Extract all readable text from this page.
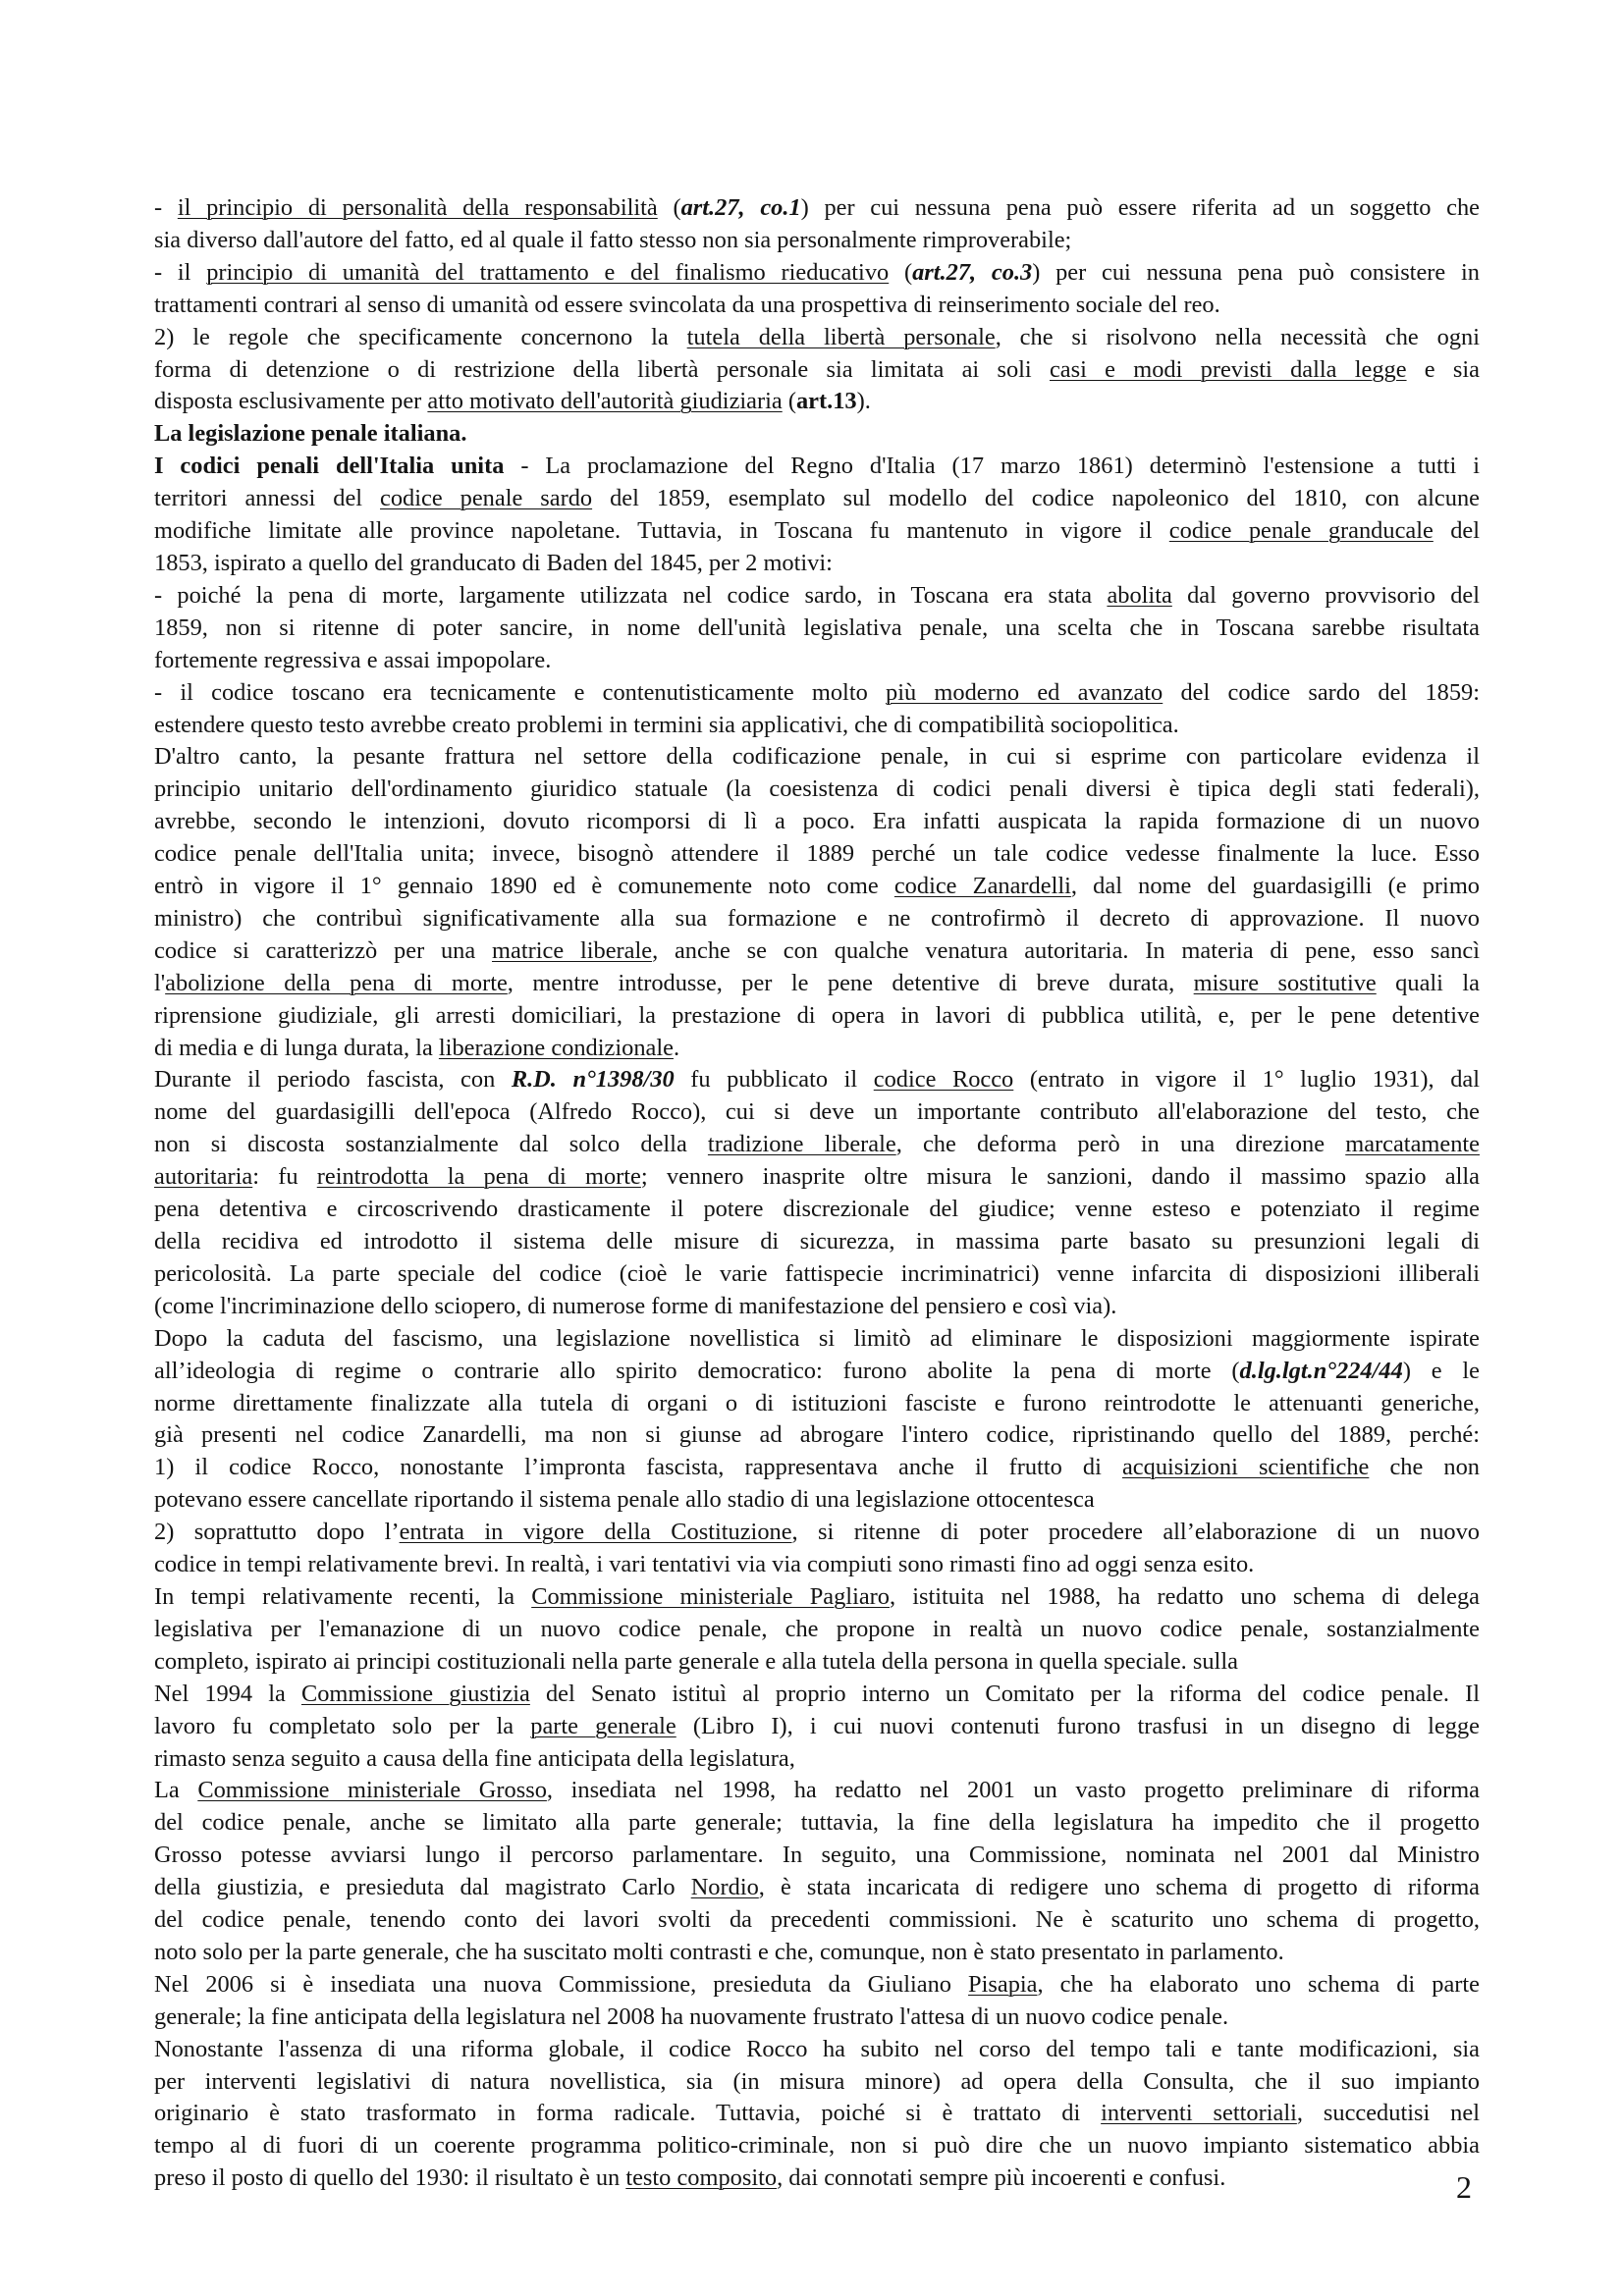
- il principio di personalità della responsabilità (art.27, co.1) per cui nessuna pena può essere riferita ad un soggetto che
sia diverso dall'autore del fatto, ed al quale il fatto stesso non sia personalmente rimproverabile;
- il principio di umanità del trattamento e del finalismo rieducativo (art.27, co.3) per cui nessuna pena può consistere in
trattamenti contrari al senso di umanità od essere svincolata da una prospettiva di reinserimento sociale del reo.
2) le regole che specificamente concernono la tutela della libertà personale, che si risolvono nella necessità che ogni
forma di detenzione o di restrizione della libertà personale sia limitata ai soli casi e modi previsti dalla legge e sia
disposta esclusivamente per atto motivato dell'autorità giudiziaria (art.13).
La legislazione penale italiana.
I codici penali dell'Italia unita - La proclamazione del Regno d'Italia (17 marzo 1861) determinò l'estensione a tutti i
territori annessi del codice penale sardo del 1859, esemplato sul modello del codice napoleonico del 1810, con alcune
modifiche limitate alle province napoletane. Tuttavia, in Toscana fu mantenuto in vigore il codice penale granducale del
1853, ispirato a quello del granducato di Baden del 1845, per 2 motivi:
- poiché la pena di morte, largamente utilizzata nel codice sardo, in Toscana era stata abolita dal governo provvisorio del
1859, non si ritenne di poter sancire, in nome dell'unità legislativa penale, una scelta che in Toscana sarebbe risultata
fortemente regressiva e assai impopolare.
- il codice toscano era tecnicamente e contenutisticamente molto più moderno ed avanzato del codice sardo del 1859:
estendere questo testo avrebbe creato problemi in termini sia applicativi, che di compatibilità sociopolitica.
D'altro canto, la pesante frattura nel settore della codificazione penale, in cui si esprime con particolare evidenza il
principio unitario dell'ordinamento giuridico statuale (la coesistenza di codici penali diversi è tipica degli stati federali),
avrebbe, secondo le intenzioni, dovuto ricomporsi di lì a poco. Era infatti auspicata la rapida formazione di un nuovo
codice penale dell'Italia unita; invece, bisognò attendere il 1889 perché un tale codice vedesse finalmente la luce. Esso
entrò in vigore il 1° gennaio 1890 ed è comunemente noto come codice Zanardelli, dal nome del guardasigilli (e primo
ministro) che contribuì significativamente alla sua formazione e ne controfirmò il decreto di approvazione. Il nuovo
codice si caratterizzò per una matrice liberale, anche se con qualche venatura autoritaria. In materia di pene, esso sancì
l'abolizione della pena di morte, mentre introdusse, per le pene detentive di breve durata, misure sostitutive quali la
riprensione giudiziale, gli arresti domiciliari, la prestazione di opera in lavori di pubblica utilità, e, per le pene detentive
di media e di lunga durata, la liberazione condizionale.
Durante il periodo fascista, con R.D. n°1398/30 fu pubblicato il codice Rocco (entrato in vigore il 1° luglio 1931), dal
nome del guardasigilli dell'epoca (Alfredo Rocco), cui si deve un importante contributo all'elaborazione del testo, che
non si discosta sostanzialmente dal solco della tradizione liberale, che deforma però in una direzione marcatamente
autoritaria: fu reintrodotta la pena di morte; vennero inasprite oltre misura le sanzioni, dando il massimo spazio alla
pena detentiva e circoscrivendo drasticamente il potere discrezionale del giudice; venne esteso e potenziato il regime
della recidiva ed introdotto il sistema delle misure di sicurezza, in massima parte basato su presunzioni legali di
pericolosità. La parte speciale del codice (cioè le varie fattispecie incriminatrici) venne infarcita di disposizioni illiberali
(come l'incriminazione dello sciopero, di numerose forme di manifestazione del pensiero e così via).
Dopo la caduta del fascismo, una legislazione novellistica si limitò ad eliminare le disposizioni maggiormente ispirate
all’ideologia di regime o contrarie allo spirito democratico: furono abolite la pena di morte (d.lg.lgt.n°224/44) e le
norme direttamente finalizzate alla tutela di organi o di istituzioni fasciste e furono reintrodotte le attenuanti generiche,
già presenti nel codice Zanardelli, ma non si giunse ad abrogare l'intero codice, ripristinando quello del 1889, perché:
1) il codice Rocco, nonostante l’impronta fascista, rappresentava anche il frutto di acquisizioni scientifiche che non
potevano essere cancellate riportando il sistema penale allo stadio di una legislazione ottocentesca
2) soprattutto dopo l’entrata in vigore della Costituzione, si ritenne di poter procedere all’elaborazione di un nuovo
codice in tempi relativamente brevi. In realtà, i vari tentativi via via compiuti sono rimasti fino ad oggi senza esito.
In tempi relativamente recenti, la Commissione ministeriale Pagliaro, istituita nel 1988, ha redatto uno schema di delega
legislativa per l'emanazione di un nuovo codice penale, che propone in realtà un nuovo codice penale, sostanzialmente
completo, ispirato ai principi costituzionali nella parte generale e alla tutela della persona in quella speciale. sulla
Nel 1994 la Commissione giustizia del Senato istituì al proprio interno un Comitato per la riforma del codice penale. Il
lavoro fu completato solo per la parte generale (Libro I), i cui nuovi contenuti furono trasfusi in un disegno di legge
rimasto senza seguito a causa della fine anticipata della legislatura,
La Commissione ministeriale Grosso, insediata nel 1998, ha redatto nel 2001 un vasto progetto preliminare di riforma
del codice penale, anche se limitato alla parte generale; tuttavia, la fine della legislatura ha impedito che il progetto
Grosso potesse avviarsi lungo il percorso parlamentare. In seguito, una Commissione, nominata nel 2001 dal Ministro
della giustizia, e presieduta dal magistrato Carlo Nordio, è stata incaricata di redigere uno schema di progetto di riforma
del codice penale, tenendo conto dei lavori svolti da precedenti commissioni. Ne è scaturito uno schema di progetto,
noto solo per la parte generale, che ha suscitato molti contrasti e che, comunque, non è stato presentato in parlamento.
Nel 2006 si è insediata una nuova Commissione, presieduta da Giuliano Pisapia, che ha elaborato uno schema di parte
generale; la fine anticipata della legislatura nel 2008 ha nuovamente frustrato l'attesa di un nuovo codice penale.
Nonostante l'assenza di una riforma globale, il codice Rocco ha subito nel corso del tempo tali e tante modificazioni, sia
per interventi legislativi di natura novellistica, sia (in misura minore) ad opera della Consulta, che il suo impianto
originario è stato trasformato in forma radicale. Tuttavia, poiché si è trattato di interventi settoriali, succedutisi nel
tempo al di fuori di un coerente programma politico-criminale, non si può dire che un nuovo impianto sistematico abbia
preso il posto di quello del 1930: il risultato è un testo composito, dai connotati sempre più incoerenti e confusi.	2
